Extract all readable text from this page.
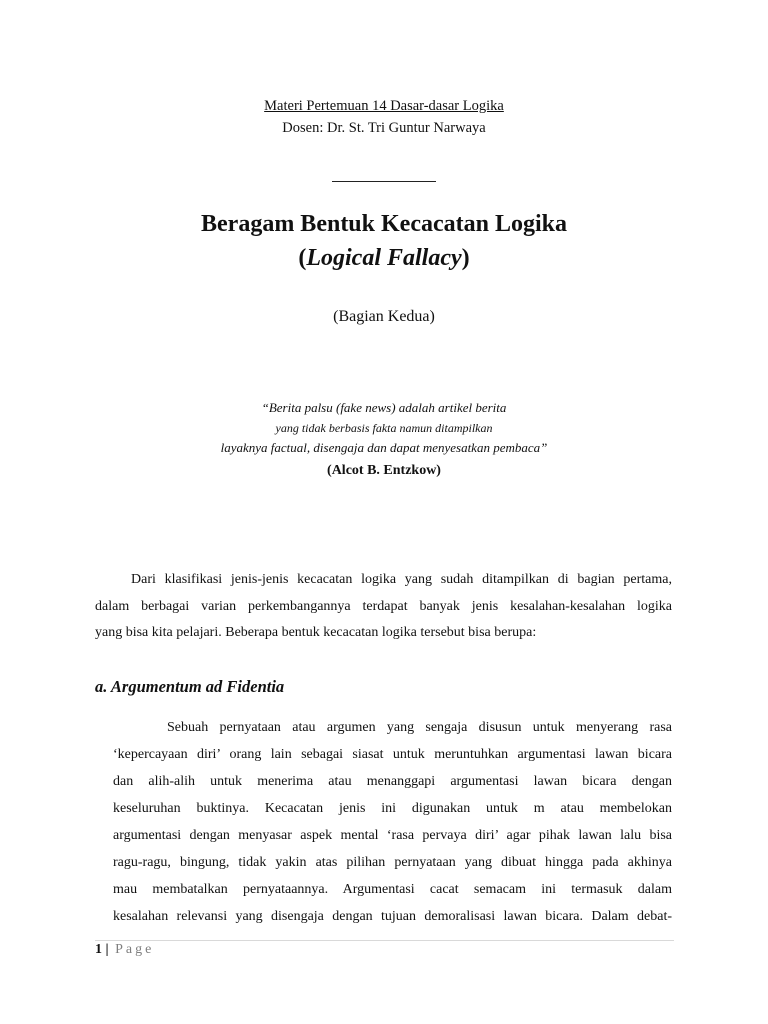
Materi Pertemuan 14 Dasar-dasar Logika
Dosen: Dr. St. Tri Guntur Narwaya
Beragam Bentuk Kecacatan Logika
(Logical Fallacy)
(Bagian Kedua)
“Berita palsu (fake news) adalah artikel berita
yang tidak berbasis fakta namun ditampilkan
layaknya factual, disengaja dan dapat menyesatkan pembaca”
(Alcot B. Entzkow)
Dari klasifikasi jenis-jenis kecacatan logika yang sudah ditampilkan di bagian pertama,
dalam berbagai varian perkembangannya terdapat banyak jenis kesalahan-kesalahan logika
yang bisa kita pelajari. Beberapa bentuk kecacatan logika tersebut bisa berupa:
a. Argumentum ad Fidentia
Sebuah pernyataan atau argumen yang sengaja disusun untuk menyerang rasa
‘kepercayaan diri’ orang lain sebagai siasat untuk meruntuhkan argumentasi lawan bicara
dan alih-alih untuk menerima atau menanggapi argumentasi lawan bicara dengan
keseluruhan buktinya. Kecacatan jenis ini digunakan untuk m atau membelokan
argumentasi dengan menyasar aspek mental ‘rasa pervaya diri’ agar pihak lawan lalu bisa
ragu-ragu, bingung, tidak yakin atas pilihan pernyataan yang dibuat hingga pada akhinya
mau membatalkan pernyataannya. Argumentasi cacat semacam ini termasuk dalam
kesalahan relevansi yang disengaja dengan tujuan demoralisasi lawan bicara. Dalam debat-
1 | Page
